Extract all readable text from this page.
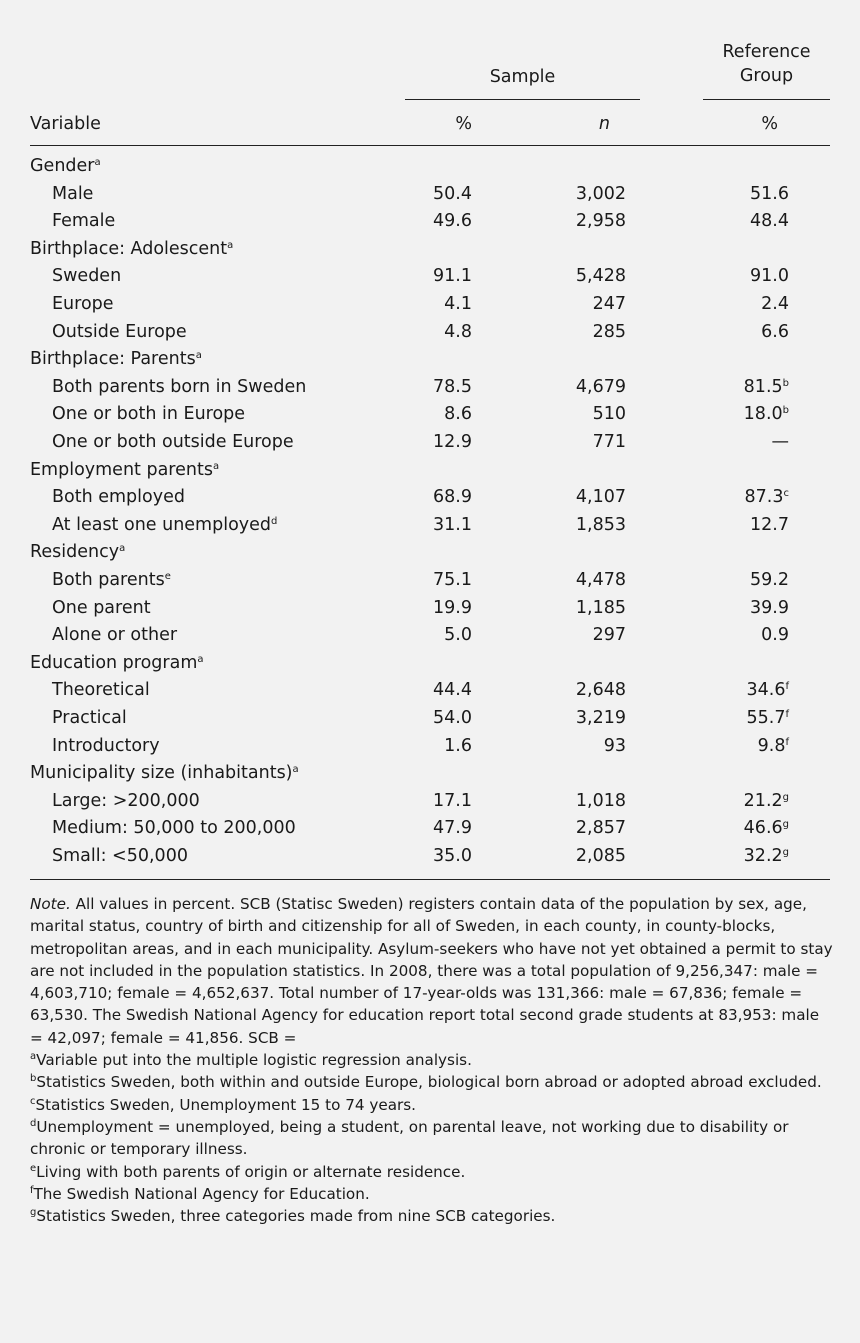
Reference
Group
Sample
Variable	%	n	%
Gender$^a$
Male	50.4	3,002	51.6
Female	49.6	2,958	48.4
Birthplace: Adolescent$^a$
Sweden	91.1	5,428	91.0
Europe	4.1	247	2.4
Outside Europe	4.8	285	6.6
Birthplace: Parents$^a$
Both parents born in Sweden	78.5	4,679	81.5$^b$
One or both in Europe	8.6	510	18.0$^b$
One or both outside Europe	12.9	771	—
Employment parents$^a$
Both employed	68.9	4,107	87.3$^c$
At least one unemployed$^d$	31.1	1,853	12.7
Residency$^a$
Both parents$^e$	75.1	4,478	59.2
One parent	19.9	1,185	39.9
Alone or other	5.0	297	0.9
Education program$^a$
Theoretical	44.4	2,648	34.6$^f$
Practical	54.0	3,219	55.7$^f$
Introductory	1.6	93	9.8$^f$
Municipality size (inhabitants)$^a$
Large: >200,000	17.1	1,018	21.2$^g$
Medium: 50,000 to 200,000	47.9	2,857	46.6$^g$
Small: <50,000	35.0	2,085	32.2$^g$

Note. All values in percent. SCB (Statisc Sweden) registers contain data of the population by sex, age, marital status, country of birth and citizenship for all of Sweden, in each county, in county-blocks, metropolitan areas, and in each municipality. Asylum-seekers who have not yet obtained a permit to stay are not included in the population statistics. In 2008, there was a total population of 9,256,347: male = 4,603,710; female = 4,652,637. Total number of 17-year-olds was 131,366: male = 67,836; female = 63,530. The Swedish National Agency for education report total second grade students at 83,953: male = 42,097; female = 41,856. SCB =

$^a$Variable put into the multiple logistic regression analysis.

$^b$Statistics Sweden, both within and outside Europe, biological born abroad or adopted abroad excluded.

$^c$Statistics Sweden, Unemployment 15 to 74 years.

$^d$Unemployment = unemployed, being a student, on parental leave, not working due to disability or chronic or temporary illness.

$^e$Living with both parents of origin or alternate residence.

$^f$The Swedish National Agency for Education.

$^g$Statistics Sweden, three categories made from nine SCB categories.
